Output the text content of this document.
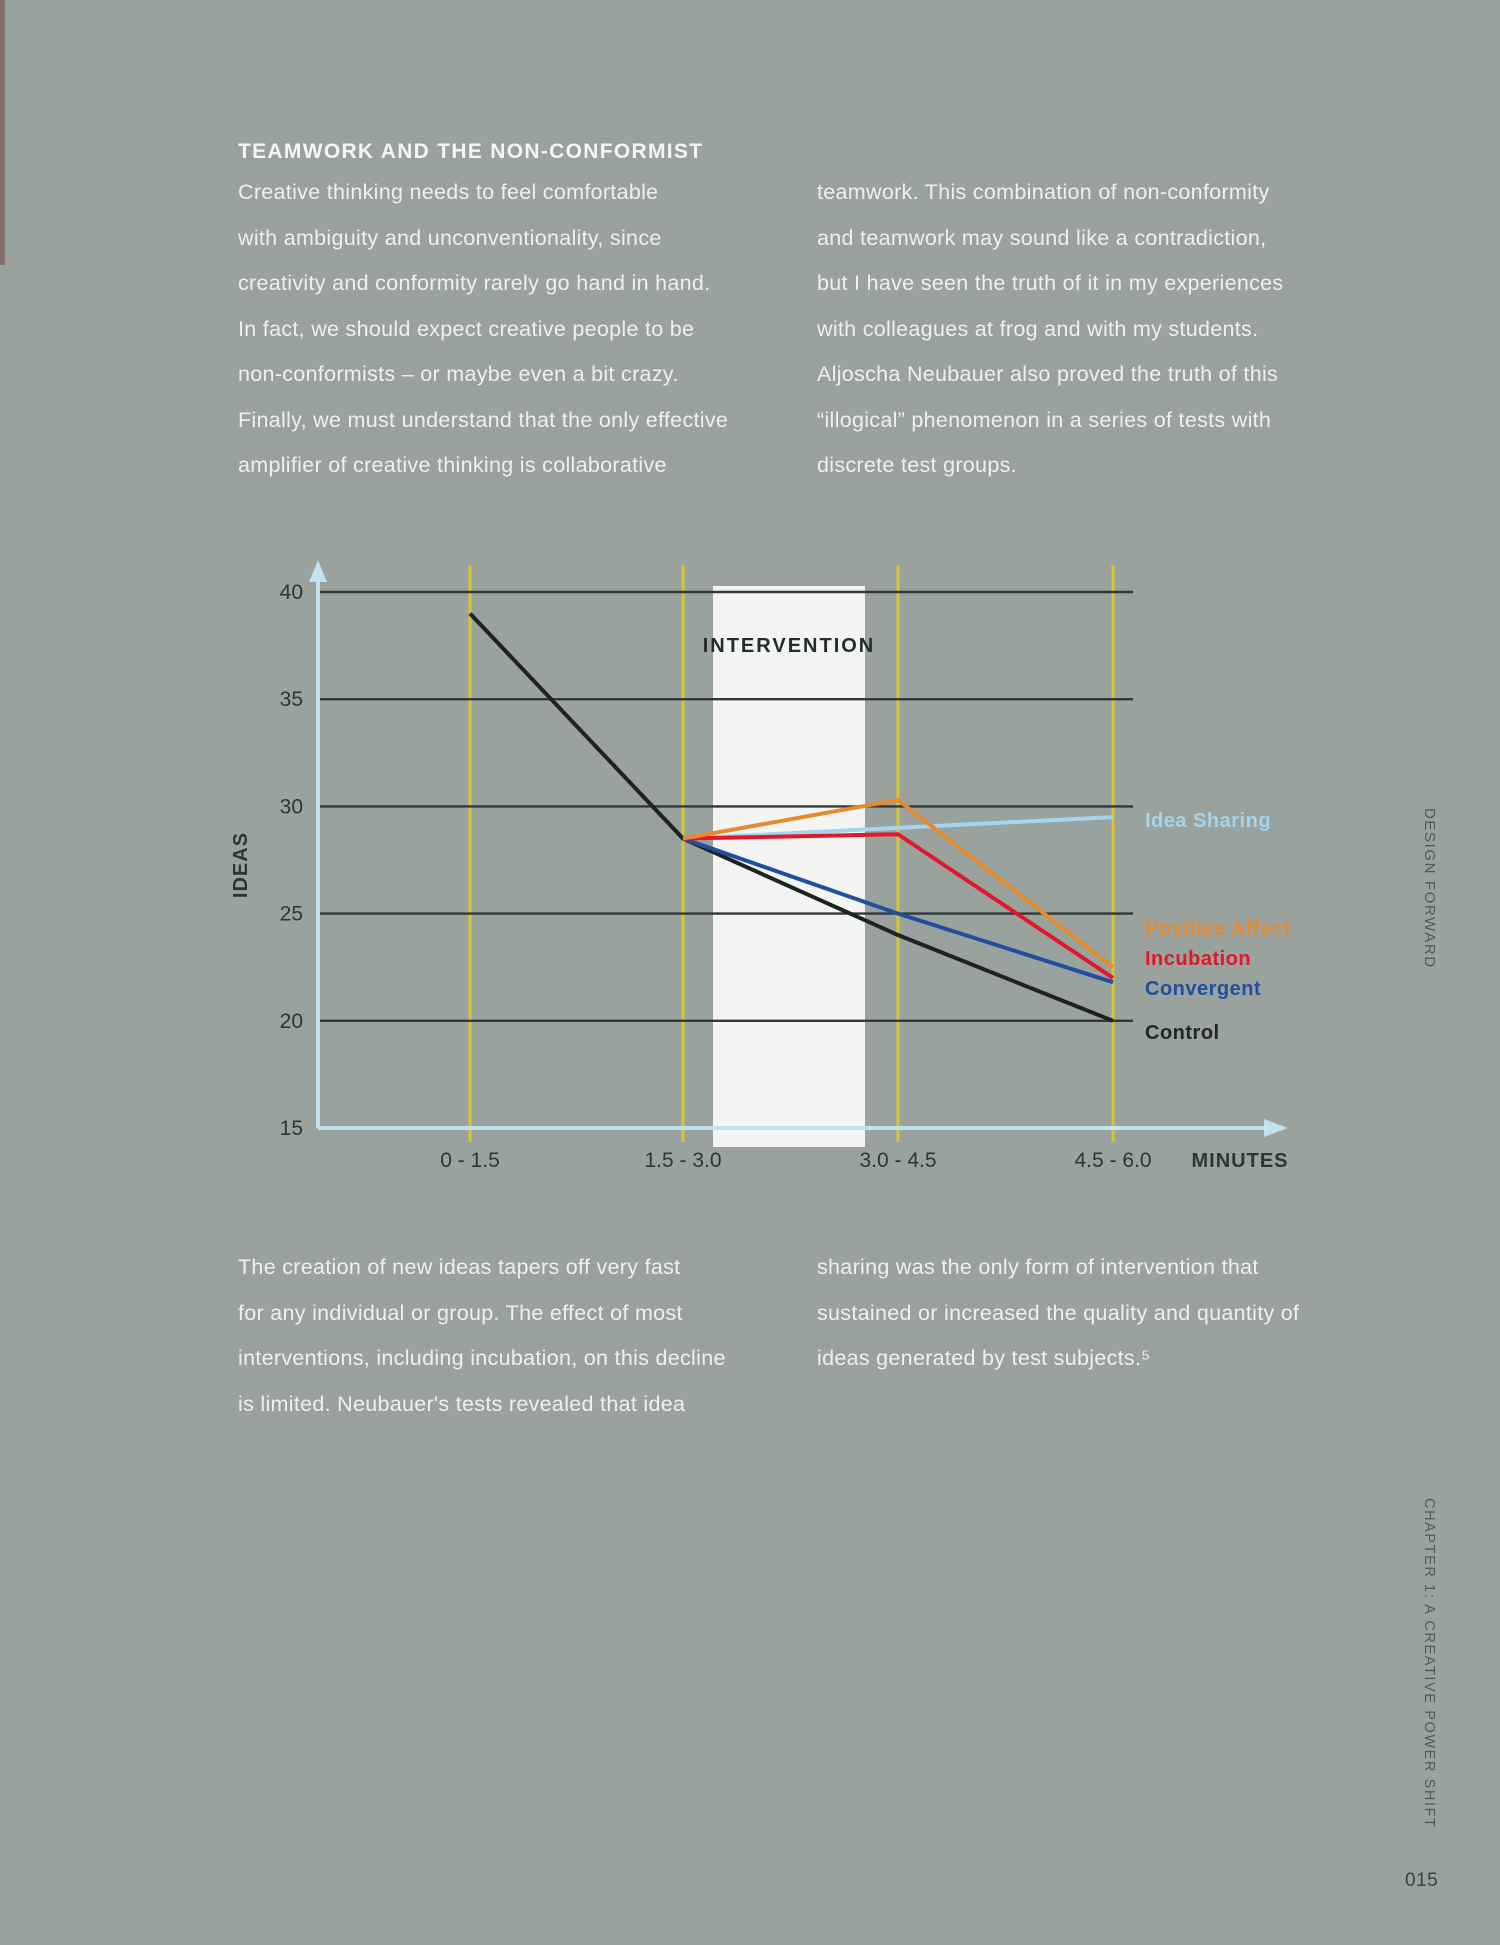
TEAMWORK AND THE NON-CONFORMIST
Creative thinking needs to feel comfortable
with ambiguity and unconventionality, since
creativity and conformity rarely go hand in hand.
In fact, we should expect creative people to be
non-conformists – or maybe even a bit crazy.
Finally, we must understand that the only effective
amplifier of creative thinking is collaborative
teamwork. This combination of non-conformity
and teamwork may sound like a contradiction,
but I have seen the truth of it in my experiences
with colleagues at frog and with my students.
Aljoscha Neubauer also proved the truth of this
“illogical” phenomenon in a series of tests with
discrete test groups.
15
20
25
30
35
40
0 - 1.5	1.5 - 3.0	3.0 - 4.5	4.5 - 6.0
INTERVENTION
Idea Sharing
Positive Affect
Incubation
Convergent
Control
IDEAS
MINUTES
The creation of new ideas tapers off very fast
for any individual or group. The effect of most
interventions, including incubation, on this decline
is limited. Neubauer's tests revealed that idea
sharing was the only form of intervention that
sustained or increased the quality and quantity of
ideas generated by test subjects.⁵
DESIGN FORWARD
CHAPTER 1: A CREATIVE POWER SHIFT
015
